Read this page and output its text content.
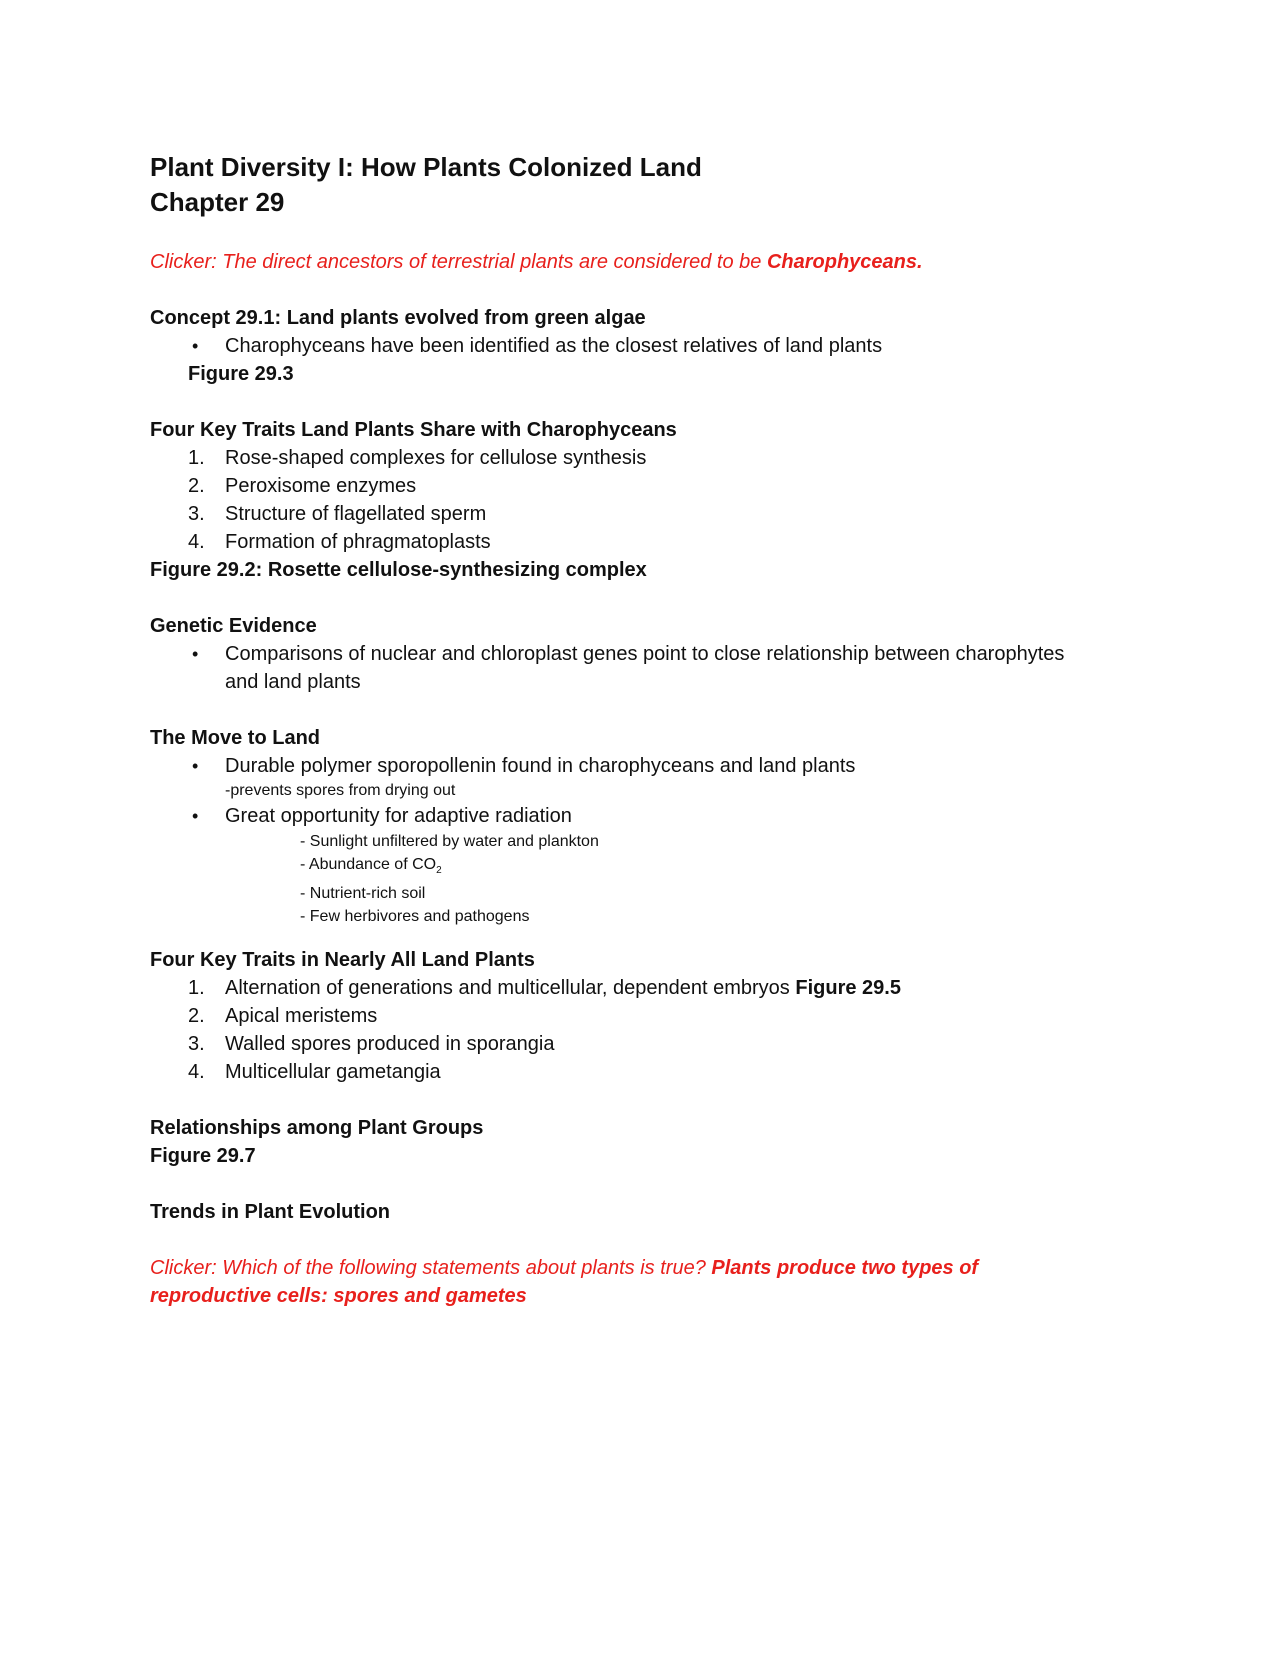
Plant Diversity I: How Plants Colonized Land

Chapter 29

Clicker: The direct ancestors of terrestrial plants are considered to be Charophyceans.

Concept 29.1: Land plants evolved from green algae

•	Charophyceans have been identified as the closest relatives of land plants

Figure 29.3

Four Key Traits Land Plants Share with Charophyceans

1.	Rose-shaped complexes for cellulose synthesis

2.	Peroxisome enzymes

3.	Structure of flagellated sperm

4.	Formation of phragmatoplasts

Figure 29.2: Rosette cellulose-synthesizing complex

Genetic Evidence

•	Comparisons of nuclear and chloroplast genes point to close relationship between charophytes
and land plants

The Move to Land

•	Durable polymer sporopollenin found in charophyceans and land plants

-prevents spores from drying out

•	Great opportunity for adaptive radiation

- Sunlight unfiltered by water and plankton

- Abundance of $CO_2$

- Nutrient-rich soil

- Few herbivores and pathogens

Four Key Traits in Nearly All Land Plants

1.	Alternation of generations and multicellular, dependent embryos Figure 29.5

2.	Apical meristems

3.	Walled spores produced in sporangia

4.	Multicellular gametangia

Relationships among Plant Groups

Figure 29.7

Trends in Plant Evolution

Clicker: Which of the following statements about plants is true? Plants produce two types of
reproductive cells: spores and gametes
